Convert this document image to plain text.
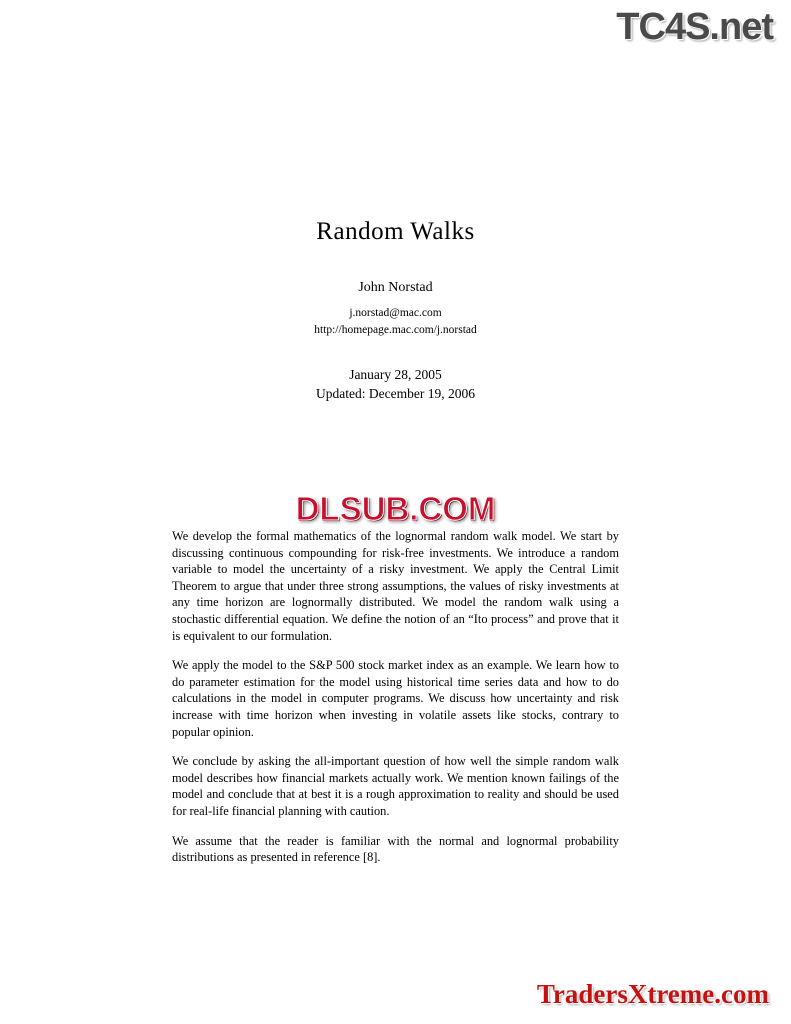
TC4S.net
Random Walks
John Norstad
j.norstad@mac.com
http://homepage.mac.com/j.norstad
January 28, 2005
Updated: December 19, 2006
DLSUB.COM

We develop the formal mathematics of the lognormal random walk model. We start by discussing continuous compounding for risk-free investments. We introduce a random variable to model the uncertainty of a risky investment. We apply the Central Limit Theorem to argue that under three strong assumptions, the values of risky investments at any time horizon are lognormally distributed. We model the random walk using a stochastic differential equation. We define the notion of an “Ito process” and prove that it is equivalent to our formulation.

We apply the model to the S&P 500 stock market index as an example. We learn how to do parameter estimation for the model using historical time series data and how to do calculations in the model in computer programs. We discuss how uncertainty and risk increase with time horizon when investing in volatile assets like stocks, contrary to popular opinion.

We conclude by asking the all-important question of how well the simple random walk model describes how financial markets actually work. We mention known failings of the model and conclude that at best it is a rough approximation to reality and should be used for real-life financial planning with caution.

We assume that the reader is familiar with the normal and lognormal probability distributions as presented in reference [8].

TradersXtreme.com
